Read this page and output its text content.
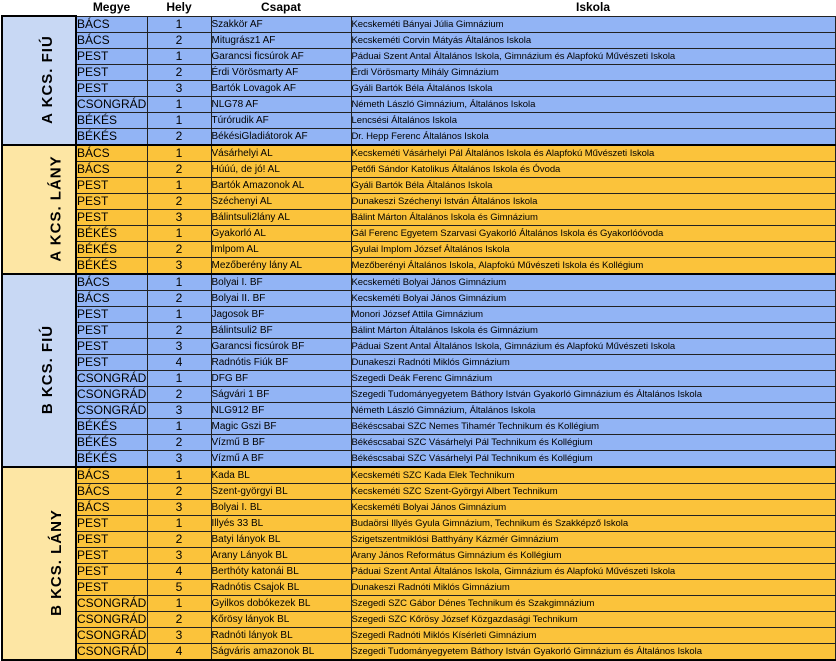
	Megye	Hely	Csapat	Iskola
A KCS. FIÚ	BÁCS	1	Szakkör AF	Kecskeméti Bányai Júlia Gimnázium
	BÁCS	2	Mitugrász1 AF	Kecskeméti Corvin Mátyás Általános Iskola
	PEST	1	Garancsi ficsúrok AF	Páduai Szent Antal Általános Iskola, Gimnázium és Alapfokú Művészeti Iskola
	PEST	2	Érdi Vörösmarty AF	Érdi Vörösmarty Mihály Gimnázium
	PEST	3	Bartók Lovagok AF	Gyáli Bartók Béla Általános Iskola
	CSONGRÁD	1	NLG78 AF	Németh László Gimnázium, Általános Iskola
	BÉKÉS	1	Túrórudik AF	Lencsési Általános Iskola
	BÉKÉS	2	BékésiGladiátorok AF	Dr. Hepp Ferenc Általános Iskola
A KCS. LÁNY	BÁCS	1	Vásárhelyi AL	Kecskeméti Vásárhelyi Pál Általános Iskola és Alapfokú Művészeti Iskola
	BÁCS	2	Húúú, de jó! AL	Petőfi Sándor Katolikus Általános Iskola és Óvoda
	PEST	1	Bartók Amazonok AL	Gyáli Bartók Béla Általános Iskola
	PEST	2	Széchenyi AL	Dunakeszi Széchenyi István Általános Iskola
	PEST	3	Bálintsuli2lány AL	Bálint Márton Általános Iskola és Gimnázium
	BÉKÉS	1	Gyakorló AL	Gál Ferenc Egyetem Szarvasi Gyakorló Általános Iskola és Gyakorlóóvoda
	BÉKÉS	2	Imlpom AL	Gyulai Implom József Általános Iskola
	BÉKÉS	3	Mezőberény lány AL	Mezőberényi Általános Iskola, Alapfokú Művészeti Iskola és Kollégium
B KCS. FIÚ	BÁCS	1	Bolyai I. BF	Kecskeméti Bolyai János Gimnázium
	BÁCS	2	Bolyai II. BF	Kecskeméti Bolyai János Gimnázium
	PEST	1	Jagosok BF	Monori József Attila Gimnázium
	PEST	2	Bálintsuli2 BF	Bálint Márton Általános Iskola és Gimnázium
	PEST	3	Garancsi ficsúrok BF	Páduai Szent Antal Általános Iskola, Gimnázium és Alapfokú Művészeti Iskola
	PEST	4	Radnótis Fiúk BF	Dunakeszi Radnóti Miklós Gimnázium
	CSONGRÁD	1	DFG BF	Szegedi Deák Ferenc Gimnázium
	CSONGRÁD	2	Ságvári 1 BF	Szegedi Tudományegyetem Báthory István Gyakorló Gimnázium és Általános Iskola
	CSONGRÁD	3	NLG912 BF	Németh László Gimnázium, Általános Iskola
	BÉKÉS	1	Magic Gszi BF	Békéscsabai SZC Nemes Tihamér Technikum és Kollégium
	BÉKÉS	2	Vízmű B BF	Békéscsabai SZC Vásárhelyi Pál Technikum és Kollégium
	BÉKÉS	3	Vízmű A BF	Békéscsabai SZC Vásárhelyi Pál Technikum és Kollégium
B KCS. LÁNY	BÁCS	1	Kada BL	Kecskeméti SZC Kada Elek Technikum
	BÁCS	2	Szent-györgyi BL	Kecskeméti SZC Szent-Györgyi Albert Technikum
	BÁCS	3	Bolyai I. BL	Kecskeméti Bolyai János Gimnázium
	PEST	1	Illyés 33 BL	Budaörsi Illyés Gyula Gimnázium, Technikum és Szakképző Iskola
	PEST	2	Batyi lányok BL	Szigetszentmiklósi Batthyány Kázmér Gimnázium
	PEST	3	Arany Lányok BL	Arany János Református Gimnázium és Kollégium
	PEST	4	Berthóty katonái BL	Páduai Szent Antal Általános Iskola, Gimnázium és Alapfokú Művészeti Iskola
	PEST	5	Radnótis Csajok BL	Dunakeszi Radnóti Miklós Gimnázium
	CSONGRÁD	1	Gyilkos dobókezek BL	Szegedi SZC Gábor Dénes Technikum és Szakgimnázium
	CSONGRÁD	2	Kőrösy lányok BL	Szegedi SZC Kőrösy József Közgazdasági Technikum
	CSONGRÁD	3	Radnóti lányok BL	Szegedi Radnóti Miklós Kísérleti Gimnázium
	CSONGRÁD	4	Ságváris amazonok BL	Szegedi Tudományegyetem Báthory István Gyakorló Gimnázium és Általános Iskola
